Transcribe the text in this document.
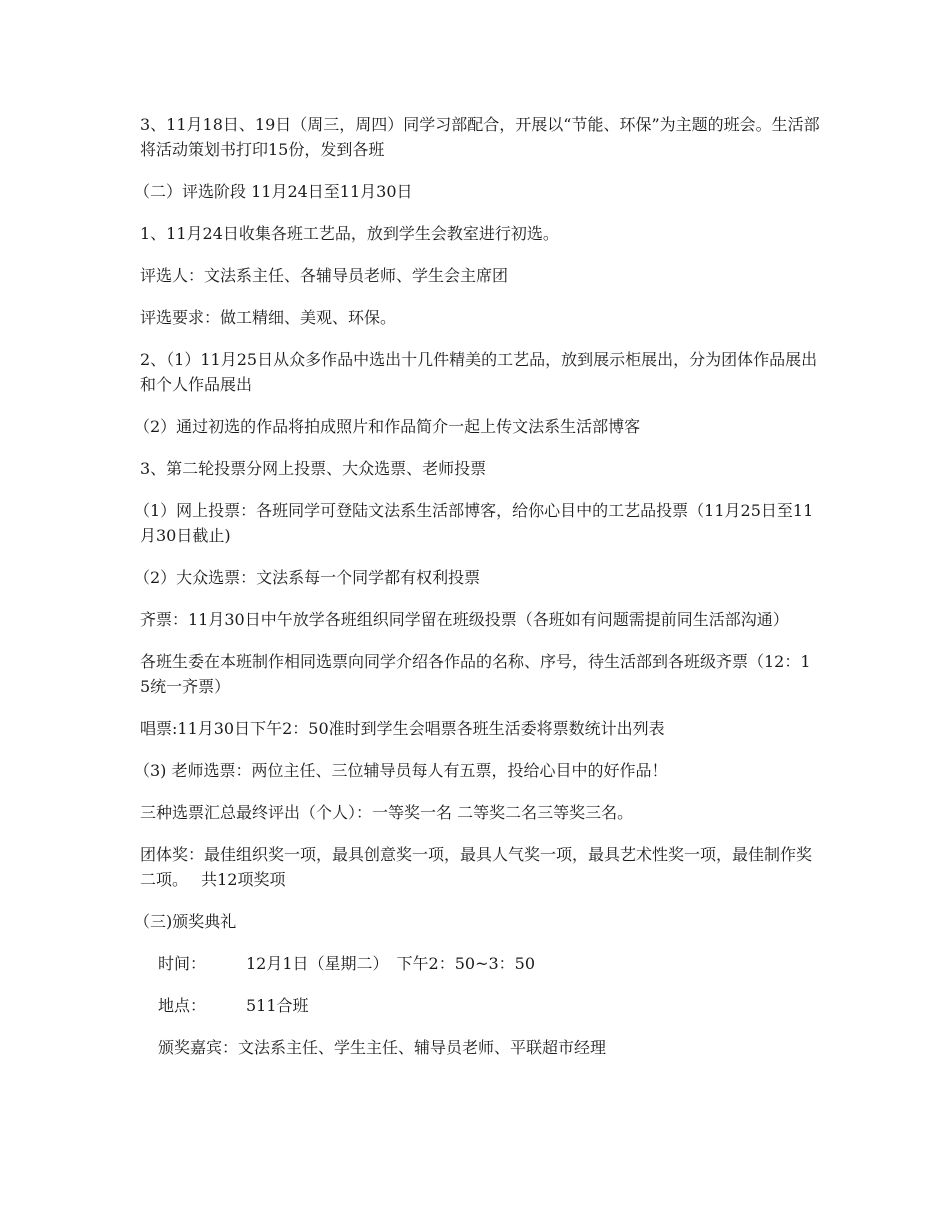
3、11月18日、19日（周三，周四）同学习部配合，开展以“节能、环保”为主题的班会。生活部将活动策划书打印15份，发到各班

（二）评选阶段 11月24日至11月30日

1、11月24日收集各班工艺品，放到学生会教室进行初选。

评选人：文法系主任、各辅导员老师、学生会主席团

评选要求：做工精细、美观、环保。

2、（1）11月25日从众多作品中选出十几件精美的工艺品，放到展示柜展出，分为团体作品展出和个人作品展出

（2）通过初选的作品将拍成照片和作品简介一起上传文法系生活部博客

3、第二轮投票分网上投票、大众选票、老师投票

（1）网上投票：各班同学可登陆文法系生活部博客，给你心目中的工艺品投票（11月25日至11月30日截止)

（2）大众选票：文法系每一个同学都有权利投票

齐票：11月30日中午放学各班组织同学留在班级投票（各班如有问题需提前同生活部沟通）

各班生委在本班制作相同选票向同学介绍各作品的名称、序号，待生活部到各班级齐票（12：15统一齐票）

唱票:11月30日下午2：50准时到学生会唱票各班生活委将票数统计出列表

（3) 老师选票：两位主任、三位辅导员每人有五票，投给心目中的好作品！

三种选票汇总最终评出（个人）：一等奖一名 二等奖二名三等奖三名。

团体奖：最佳组织奖一项，最具创意奖一项，最具人气奖一项，最具艺术性奖一项，最佳制作奖二项。　 共12项奖项

（三)颁奖典礼

时间：	12月1日（星期二）　下午2：50~3：50
地点：	511合班
颁奖嘉宾： 文法系主任、学生主任、辅导员老师、平联超市经理
